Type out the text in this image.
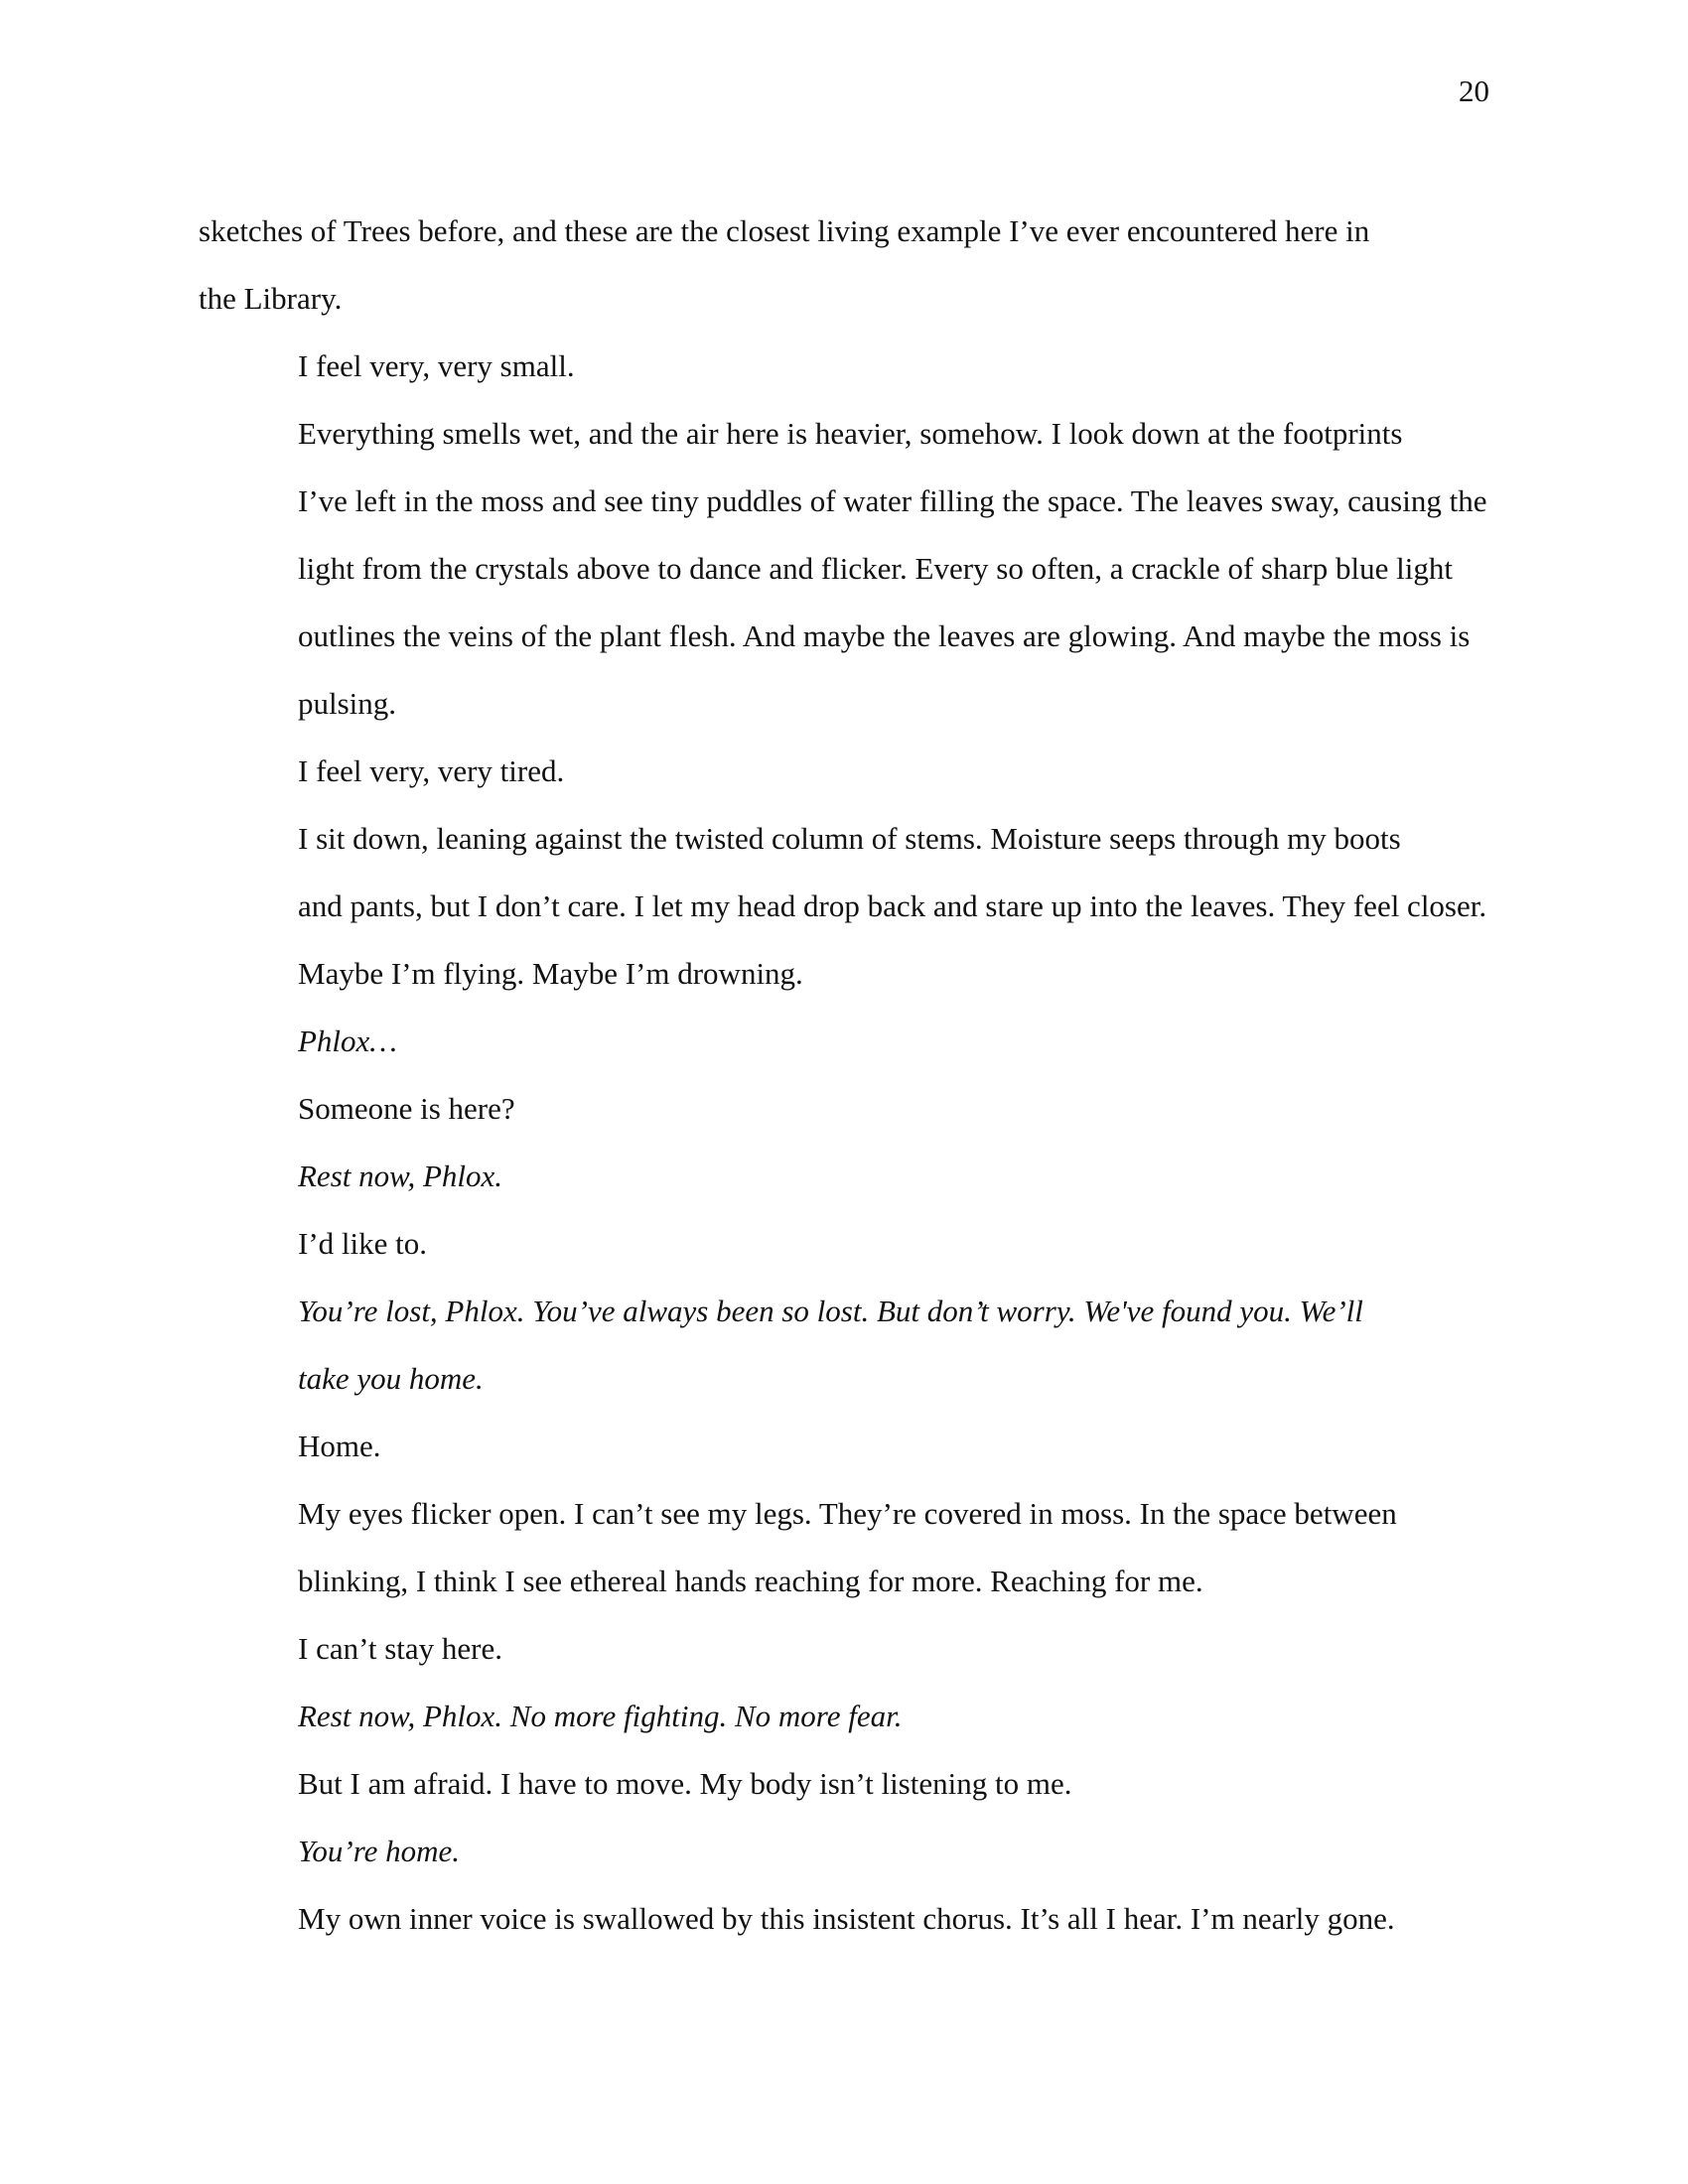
20

sketches of Trees before, and these are the closest living example I’ve ever encountered here in
the Library.

I feel very, very small.

Everything smells wet, and the air here is heavier, somehow. I look down at the footprints
I’ve left in the moss and see tiny puddles of water filling the space. The leaves sway, causing the
light from the crystals above to dance and flicker. Every so often, a crackle of sharp blue light
outlines the veins of the plant flesh. And maybe the leaves are glowing. And maybe the moss is
pulsing.

I feel very, very tired.

I sit down, leaning against the twisted column of stems. Moisture seeps through my boots
and pants, but I don’t care. I let my head drop back and stare up into the leaves. They feel closer.
Maybe I’m flying. Maybe I’m drowning.

Phlox…

Someone is here?

Rest now, Phlox.

I’d like to.

You’re lost, Phlox. You’ve always been so lost. But don’t worry. We've found you. We’ll
take you home.

Home.

My eyes flicker open. I can’t see my legs. They’re covered in moss. In the space between
blinking, I think I see ethereal hands reaching for more. Reaching for me.

I can’t stay here.

Rest now, Phlox. No more fighting. No more fear.

But I am afraid. I have to move. My body isn’t listening to me.

You’re home.

My own inner voice is swallowed by this insistent chorus. It’s all I hear. I’m nearly gone.
